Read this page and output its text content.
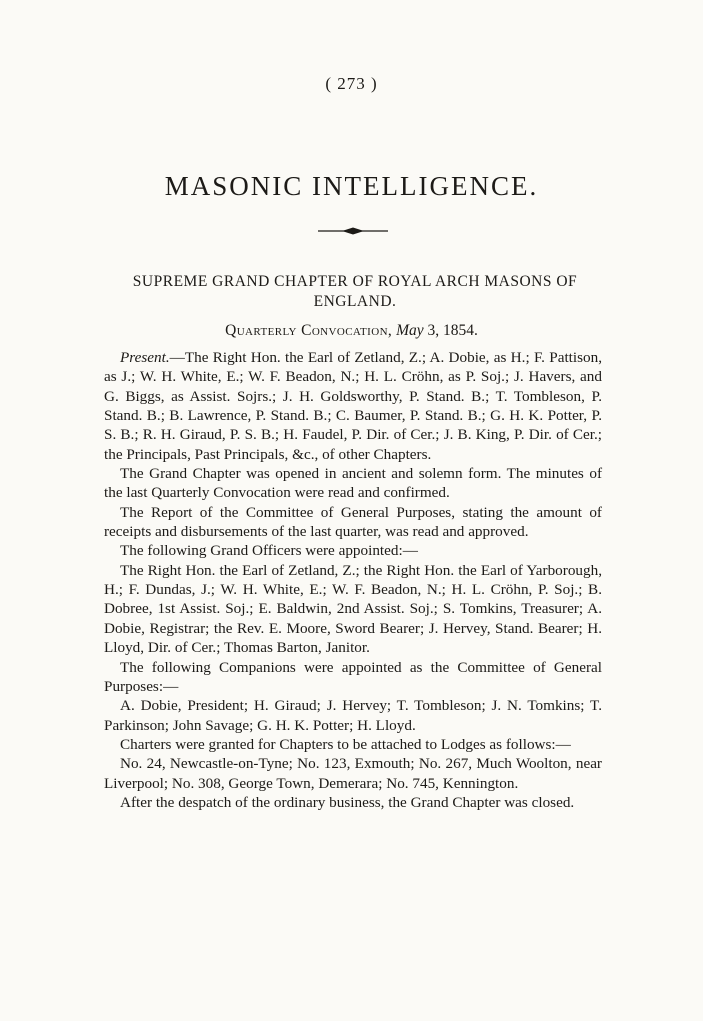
( 273 )
MASONIC INTELLIGENCE.
SUPREME GRAND CHAPTER OF ROYAL ARCH MASONS OF ENGLAND.
Quarterly Convocation, May 3, 1854.

Present.—The Right Hon. the Earl of Zetland, Z.; A. Dobie, as H.; F. Pattison, as J.; W. H. White, E.; W. F. Beadon, N.; H. L. Cröhn, as P. Soj.; J. Havers, and G. Biggs, as Assist. Sojrs.; J. H. Goldsworthy, P. Stand. B.; T. Tombleson, P. Stand. B.; B. Lawrence, P. Stand. B.; C. Baumer, P. Stand. B.; G. H. K. Potter, P. S. B.; R. H. Giraud, P. S. B.; H. Faudel, P. Dir. of Cer.; J. B. King, P. Dir. of Cer.; the Principals, Past Principals, &c., of other Chapters.

The Grand Chapter was opened in ancient and solemn form. The minutes of the last Quarterly Convocation were read and confirmed.

The Report of the Committee of General Purposes, stating the amount of receipts and disbursements of the last quarter, was read and approved.

The following Grand Officers were appointed:—

The Right Hon. the Earl of Zetland, Z.; the Right Hon. the Earl of Yarborough, H.; F. Dundas, J.; W. H. White, E.; W. F. Beadon, N.; H. L. Cröhn, P. Soj.; B. Dobree, 1st Assist. Soj.; E. Baldwin, 2nd Assist. Soj.; S. Tomkins, Treasurer; A. Dobie, Registrar; the Rev. E. Moore, Sword Bearer; J. Hervey, Stand. Bearer; H. Lloyd, Dir. of Cer.; Thomas Barton, Janitor.

The following Companions were appointed as the Committee of General Purposes:—

A. Dobie, President; H. Giraud; J. Hervey; T. Tombleson; J. N. Tomkins; T. Parkinson; John Savage; G. H. K. Potter; H. Lloyd.

Charters were granted for Chapters to be attached to Lodges as follows:—

No. 24, Newcastle-on-Tyne; No. 123, Exmouth; No. 267, Much Woolton, near Liverpool; No. 308, George Town, Demerara; No. 745, Kennington.

After the despatch of the ordinary business, the Grand Chapter was closed.
